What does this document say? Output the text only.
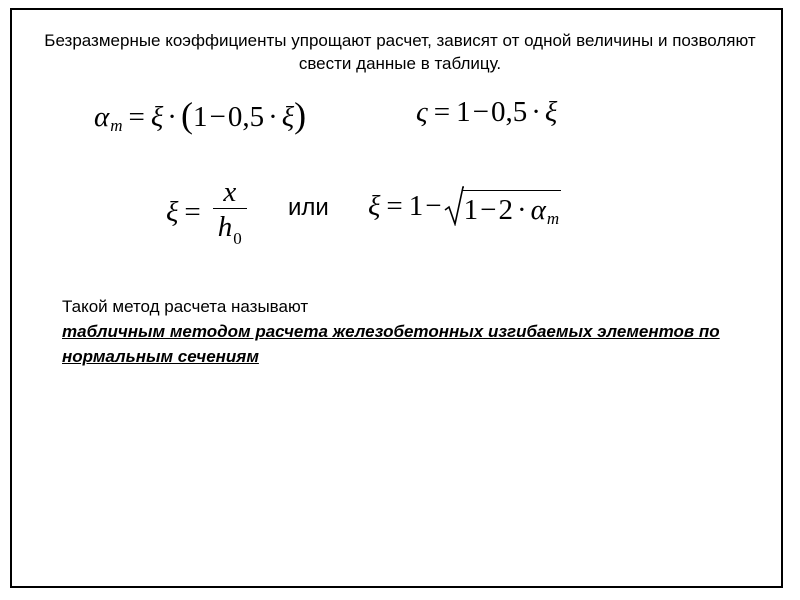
Безразмерные коэффициенты упрощают расчет, зависят от одной величины и позволяют свести данные в таблицу.
α m = ξ · ( 1 − 0,5 · ξ )	ς = 1 − 0,5 · ξ
$\xi = \frac{x}{h_0}$ или ξ = 1 − 1 − 2 · α m
Такой метод расчета называют
табличным методом расчета железобетонных изгибаемых элементов по нормальным сечениям
